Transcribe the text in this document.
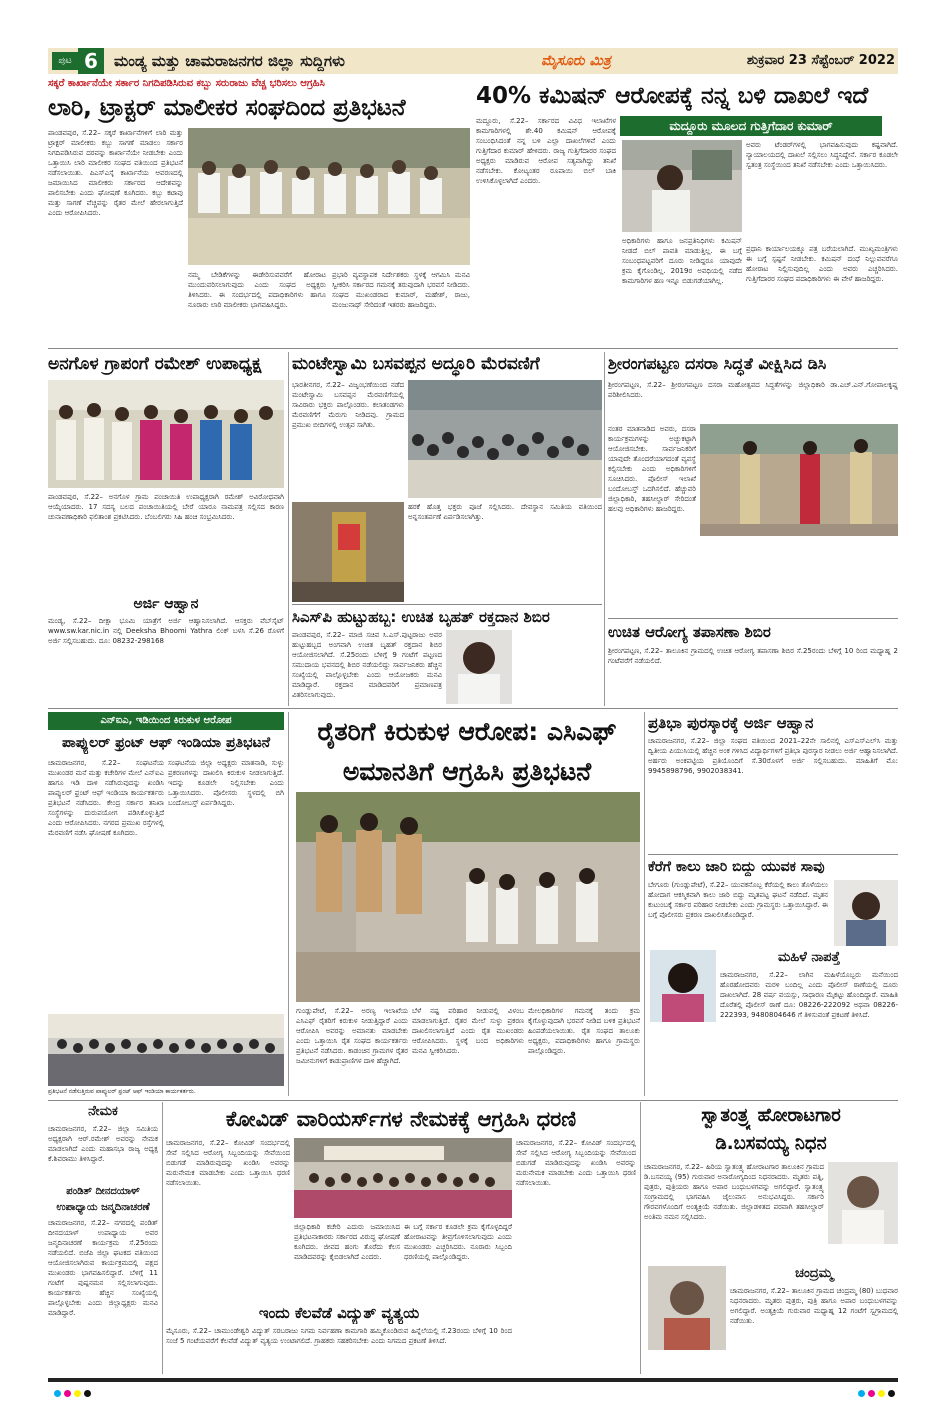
ಪುಟ 6	ಮಂಡ್ಯ ಮತ್ತು ಚಾಮರಾಜನಗರ ಜಿಲ್ಲಾ ಸುದ್ದಿಗಳು	ಮೈಸೂರು ಮಿತ್ರ	ಶುಕ್ರವಾರ 23 ಸೆಪ್ಟೆಂಬರ್ 2022
ಸಕ್ಕರೆ ಕಾರ್ಖಾನೆಯೇ ಸರ್ಕಾರ ನಿಗದಿಪಡಿಸಿರುವ ಕಬ್ಬು ಸರುರಾಜು ವೆಚ್ಚ ಭರಿಸಲು ಆಗ್ರಹಿಸಿ
ಲಾರಿ, ಟ್ರಾಕ್ಟರ್ ಮಾಲೀಕರ ಸಂಘದಿಂದ ಪ್ರತಿಭಟನೆ
ಪಾಂಡವಪುರ, ಸೆ.22– ಸಕ್ಕರೆ ಕಾರ್ಖಾನೆಗಳಿಗೆ ಲಾರಿ ಮತ್ತು ಟ್ರಾಕ್ಟರ್ ಮಾಲೀಕರು ಕಬ್ಬು ಸಾಗಣೆ ಮಾಡಲು ಸರ್ಕಾರ ನಿಗದಿಪಡಿಸಿರುವ ದರವನ್ನು ಕಾರ್ಖಾನೆಯೇ ನೀಡಬೇಕು ಎಂದು ಒತ್ತಾಯಿಸಿ ಲಾರಿ ಮಾಲೀಕರ ಸಂಘದ ವತಿಯಿಂದ ಪ್ರತಿಭಟನೆ ನಡೆಸಲಾಯಿತು. ಪಿಎಸ್ಎಸ್ಕೆ ಕಾರ್ಖಾನೆಯ ಆವರಣದಲ್ಲಿ ಜಮಾಯಿಸಿದ ಮಾಲೀಕರು ಸರ್ಕಾರದ ಆದೇಶವನ್ನು ಪಾಲಿಸಬೇಕು ಎಂದು ಘೋಷಣೆ ಕೂಗಿದರು. ಕಬ್ಬು ಕಟಾವು ಮತ್ತು ಸಾಗಣೆ ವೆಚ್ಚವನ್ನು ರೈತರ ಮೇಲೆ ಹೇರಲಾಗುತ್ತಿದೆ ಎಂದು ಆರೋಪಿಸಿದರು.
ನಮ್ಮ ಬೇಡಿಕೆಗಳನ್ನು ಈಡೇರಿಸುವವರೆಗೆ ಹೋರಾಟ ಮುಂದುವರಿಸಲಾಗುವುದು ಎಂದು ಸಂಘದ ಅಧ್ಯಕ್ಷರು ತಿಳಿಸಿದರು. ಈ ಸಂದರ್ಭದಲ್ಲಿ ಪದಾಧಿಕಾರಿಗಳು ಹಾಗೂ ನೂರಾರು ಲಾರಿ ಮಾಲೀಕರು ಭಾಗವಹಿಸಿದ್ದರು.
ಪ್ರಭಾರಿ ವ್ಯವಸ್ಥಾಪಕ ನಿರ್ದೇಶಕರು ಸ್ಥಳಕ್ಕೆ ಆಗಮಿಸಿ ಮನವಿ ಸ್ವೀಕರಿಸಿ ಸರ್ಕಾರದ ಗಮನಕ್ಕೆ ತರುವುದಾಗಿ ಭರವಸೆ ನೀಡಿದರು. ಸಂಘದ ಮುಖಂಡರಾದ ಕುಮಾರ್, ಮಹೇಶ್, ರಾಜು, ಮಂಜುನಾಥ್ ಸೇರಿದಂತೆ ಇತರರು ಹಾಜರಿದ್ದರು.
40% ಕಮಿಷನ್ ಆರೋಪಕ್ಕೆ ನನ್ನ ಬಳಿ ದಾಖಲೆ ಇದೆ
ಮದ್ದೂರು ಮೂಲದ ಗುತ್ತಿಗೆದಾರ ಕುಮಾರ್
ಮದ್ದೂರು, ಸೆ.22– ಸರ್ಕಾರದ ವಿವಿಧ ಇಲಾಖೆಗಳ ಕಾಮಗಾರಿಗಳಲ್ಲಿ ಶೇ.40 ಕಮಿಷನ್ ಆರೋಪಕ್ಕೆ ಸಂಬಂಧಿಸಿದಂತೆ ನನ್ನ ಬಳಿ ಎಲ್ಲಾ ದಾಖಲೆಗಳಿವೆ ಎಂದು ಗುತ್ತಿಗೆದಾರ ಕುಮಾರ್ ಹೇಳಿದರು. ರಾಜ್ಯ ಗುತ್ತಿಗೆದಾರರ ಸಂಘದ ಅಧ್ಯಕ್ಷರು ಮಾಡಿರುವ ಆರೋಪ ಸತ್ಯವಾಗಿದ್ದು ತನಿಖೆ ನಡೆಸಬೇಕು. ಕೋಟ್ಯಂತರ ರೂಪಾಯಿ ಬಿಲ್ ಬಾಕಿ ಉಳಿಸಿಕೊಳ್ಳಲಾಗಿದೆ ಎಂದರು.
ಅಧಿಕಾರಿಗಳು ಹಾಗೂ ಜನಪ್ರತಿನಿಧಿಗಳು ಕಮಿಷನ್ ನೀಡದೆ ಬಿಲ್ ಪಾವತಿ ಮಾಡುತ್ತಿಲ್ಲ. ಈ ಬಗ್ಗೆ ಸಂಬಂಧಪಟ್ಟವರಿಗೆ ದೂರು ನೀಡಿದ್ದರೂ ಯಾವುದೇ ಕ್ರಮ ಕೈಗೊಂಡಿಲ್ಲ. 2019ರ ಅವಧಿಯಲ್ಲಿ ನಡೆದ ಕಾಮಗಾರಿಗಳ ಹಣ ಇನ್ನೂ ಬಿಡುಗಡೆಯಾಗಿಲ್ಲ.
ಅವರು ಟೆಂಡರ್‌ಗಳಲ್ಲಿ ಭಾಗವಹಿಸುವುದು ಕಷ್ಟವಾಗಿದೆ. ನ್ಯಾಯಾಲಯದಲ್ಲಿ ದಾಖಲೆ ಸಲ್ಲಿಸಲು ಸಿದ್ಧನಿದ್ದೇನೆ. ಸರ್ಕಾರ ಕೂಡಲೇ ಸ್ವತಂತ್ರ ಸಂಸ್ಥೆಯಿಂದ ತನಿಖೆ ನಡೆಸಬೇಕು ಎಂದು ಒತ್ತಾಯಿಸಿದರು.
ಪ್ರಧಾನಿ ಕಾರ್ಯಾಲಯಕ್ಕೂ ಪತ್ರ ಬರೆಯಲಾಗಿದೆ. ಮುಖ್ಯಮಂತ್ರಿಗಳು ಈ ಬಗ್ಗೆ ಸ್ಪಷ್ಟನೆ ನೀಡಬೇಕು. ಕಮಿಷನ್ ದಂಧೆ ನಿಲ್ಲುವವರೆಗೂ ಹೋರಾಟ ನಿಲ್ಲಿಸುವುದಿಲ್ಲ ಎಂದು ಅವರು ಎಚ್ಚರಿಸಿದರು. ಗುತ್ತಿಗೆದಾರರ ಸಂಘದ ಪದಾಧಿಕಾರಿಗಳು ಈ ವೇಳೆ ಹಾಜರಿದ್ದರು.
ಅನಗೊಳ ಗ್ರಾಪಂಗೆ ರಮೇಶ್ ಉಪಾಧ್ಯಕ್ಷ
ಪಾಂಡವಪುರ, ಸೆ.22– ಅನಗೊಳ ಗ್ರಾಮ ಪಂಚಾಯಿತಿ ಉಪಾಧ್ಯಕ್ಷರಾಗಿ ರಮೇಶ್ ಅವಿರೋಧವಾಗಿ ಆಯ್ಕೆಯಾದರು. 17 ಸದಸ್ಯ ಬಲದ ಪಂಚಾಯಿತಿಯಲ್ಲಿ ಬೇರೆ ಯಾರೂ ನಾಮಪತ್ರ ಸಲ್ಲಿಸದ ಕಾರಣ ಚುನಾವಣಾಧಿಕಾರಿ ಫಲಿತಾಂಶ ಪ್ರಕಟಿಸಿದರು. ಬೆಂಬಲಿಗರು ಸಿಹಿ ಹಂಚಿ ಸಂಭ್ರಮಿಸಿದರು.
ಅರ್ಜಿ ಆಹ್ವಾನ
ಮಂಡ್ಯ, ಸೆ.22– ದೀಕ್ಷಾ ಭೂಮಿ ಯಾತ್ರೆಗೆ ಅರ್ಜಿ ಆಹ್ವಾನಿಸಲಾಗಿದೆ. ಆಸಕ್ತರು ವೆಬ್‌ಸೈಟ್ www.sw.kar.nic.in ನಲ್ಲಿ Deeksha Bhoomi Yathra ಲಿಂಕ್ ಬಳಸಿ ಸೆ.26 ರೊಳಗೆ ಅರ್ಜಿ ಸಲ್ಲಿಸಬಹುದು. ದೂ: 08232-298168
ಮಂಟೇಸ್ವಾಮಿ ಬಸವಪ್ಪನ ಅದ್ಧೂರಿ ಮೆರವಣಿಗೆ
ಭಾರತೀನಗರ, ಸೆ.22– ವಿಜೃಂಭಣೆಯಿಂದ ನಡೆದ ಮಂಟೇಸ್ವಾಮಿ ಬಸವಪ್ಪನ ಮೆರವಣಿಗೆಯಲ್ಲಿ ಸಾವಿರಾರು ಭಕ್ತರು ಪಾಲ್ಗೊಂಡರು. ಕಲಾತಂಡಗಳು ಮೆರವಣಿಗೆಗೆ ಮೆರುಗು ನೀಡಿದವು. ಗ್ರಾಮದ ಪ್ರಮುಖ ಬೀದಿಗಳಲ್ಲಿ ಉತ್ಸವ ಸಾಗಿತು.
ಹರಕೆ ಹೊತ್ತ ಭಕ್ತರು ಪೂಜೆ ಸಲ್ಲಿಸಿದರು. ದೇವಸ್ಥಾನ ಸಮಿತಿಯ ವತಿಯಿಂದ ಅನ್ನಸಂತರ್ಪಣೆ ಏರ್ಪಡಿಸಲಾಗಿತ್ತು.
ಶ್ರೀರಂಗಪಟ್ಟಣ ದಸರಾ ಸಿದ್ಧತೆ ವೀಕ್ಷಿಸಿದ ಡಿಸಿ
ಶ್ರೀರಂಗಪಟ್ಟಣ, ಸೆ.22– ಶ್ರೀರಂಗಪಟ್ಟಣ ದಸರಾ ಮಹೋತ್ಸವದ ಸಿದ್ಧತೆಗಳನ್ನು ಜಿಲ್ಲಾಧಿಕಾರಿ ಡಾ.ಎಚ್.ಎನ್.ಗೋಪಾಲಕೃಷ್ಣ ಪರಿಶೀಲಿಸಿದರು.
ನಂತರ ಮಾತನಾಡಿದ ಅವರು, ದಸರಾ ಕಾರ್ಯಕ್ರಮಗಳನ್ನು ಅಚ್ಚುಕಟ್ಟಾಗಿ ಆಯೋಜಿಸಬೇಕು. ಸಾರ್ವಜನಿಕರಿಗೆ ಯಾವುದೇ ತೊಂದರೆಯಾಗದಂತೆ ವ್ಯವಸ್ಥೆ ಕಲ್ಪಿಸಬೇಕು ಎಂದು ಅಧಿಕಾರಿಗಳಿಗೆ ಸೂಚಿಸಿದರು. ಪೊಲೀಸ್ ಇಲಾಖೆ ಬಂದೋಬಸ್ತ್ ಒದಗಿಸಲಿದೆ. ಹೆಚ್ಚುವರಿ ಜಿಲ್ಲಾಧಿಕಾರಿ, ತಹಸೀಲ್ದಾರ್ ಸೇರಿದಂತೆ ಹಲವು ಅಧಿಕಾರಿಗಳು ಹಾಜರಿದ್ದರು.
ಉಚಿತ ಆರೋಗ್ಯ ತಪಾಸಣಾ ಶಿಬಿರ
ಶ್ರೀರಂಗಪಟ್ಟಣ, ಸೆ.22– ತಾಲೂಕಿನ ಗ್ರಾಮದಲ್ಲಿ ಉಚಿತ ಆರೋಗ್ಯ ತಪಾಸಣಾ ಶಿಬಿರ ಸೆ.25ರಂದು ಬೆಳಿಗ್ಗೆ 10 ರಿಂದ ಮಧ್ಯಾಹ್ನ 2 ಗಂಟೆವರೆಗೆ ನಡೆಯಲಿದೆ.
ಸಿಎಸ್‌ಪಿ ಹುಟ್ಟುಹಬ್ಬ: ಉಚಿತ ಬೃಹತ್ ರಕ್ತದಾನ ಶಿಬಿರ
ಪಾಂಡವಪುರ, ಸೆ.22– ಮಾಜಿ ಸಚಿವ ಸಿ.ಎಸ್.ಪುಟ್ಟರಾಜು ಅವರ ಹುಟ್ಟುಹಬ್ಬದ ಅಂಗವಾಗಿ ಉಚಿತ ಬೃಹತ್ ರಕ್ತದಾನ ಶಿಬಿರ ಆಯೋಜಿಸಲಾಗಿದೆ. ಸೆ.25ರಂದು ಬೆಳಿಗ್ಗೆ 9 ಗಂಟೆಗೆ ಪಟ್ಟಣದ ಸಮುದಾಯ ಭವನದಲ್ಲಿ ಶಿಬಿರ ನಡೆಯಲಿದ್ದು ಸಾರ್ವಜನಿಕರು ಹೆಚ್ಚಿನ ಸಂಖ್ಯೆಯಲ್ಲಿ ಪಾಲ್ಗೊಳ್ಳಬೇಕು ಎಂದು ಆಯೋಜಕರು ಮನವಿ ಮಾಡಿದ್ದಾರೆ. ರಕ್ತದಾನ ಮಾಡಿದವರಿಗೆ ಪ್ರಮಾಣಪತ್ರ ವಿತರಿಸಲಾಗುವುದು.
ಎನ್‌ಐಎ, ಇಡಿಯಿಂದ ಕಿರುಕುಳ ಆರೋಪ
ಪಾಪ್ಯುಲರ್ ಫ್ರಂಟ್ ಆಫ್ ಇಂಡಿಯಾ ಪ್ರತಿಭಟನೆ
ಚಾಮರಾಜನಗರ, ಸೆ.22– ಸಂಘಟನೆಯ ಮುಖಂಡರ ಮನೆ ಮತ್ತು ಕಚೇರಿಗಳ ಮೇಲೆ ಎನ್‌ಐಎ ಹಾಗೂ ಇಡಿ ದಾಳಿ ನಡೆಸಿರುವುದನ್ನು ಖಂಡಿಸಿ ಪಾಪ್ಯುಲರ್ ಫ್ರಂಟ್ ಆಫ್ ಇಂಡಿಯಾ ಕಾರ್ಯಕರ್ತರು ಪ್ರತಿಭಟನೆ ನಡೆಸಿದರು. ಕೇಂದ್ರ ಸರ್ಕಾರ ತನಿಖಾ ಸಂಸ್ಥೆಗಳನ್ನು ದುರುಪಯೋಗ ಪಡಿಸಿಕೊಳ್ಳುತ್ತಿದೆ ಎಂದು ಆರೋಪಿಸಿದರು. ನಗರದ ಪ್ರಮುಖ ರಸ್ತೆಗಳಲ್ಲಿ ಮೆರವಣಿಗೆ ನಡೆಸಿ ಘೋಷಣೆ ಕೂಗಿದರು.
ಸಂಘಟನೆಯ ಜಿಲ್ಲಾ ಅಧ್ಯಕ್ಷರು ಮಾತನಾಡಿ, ಸುಳ್ಳು ಪ್ರಕರಣಗಳನ್ನು ದಾಖಲಿಸಿ ಕಿರುಕುಳ ನೀಡಲಾಗುತ್ತಿದೆ. ಇದನ್ನು ಕೂಡಲೇ ನಿಲ್ಲಿಸಬೇಕು ಎಂದು ಒತ್ತಾಯಿಸಿದರು. ಪೊಲೀಸರು ಸ್ಥಳದಲ್ಲಿ ಬಿಗಿ ಬಂದೋಬಸ್ತ್ ಏರ್ಪಡಿಸಿದ್ದರು.
ಪ್ರತಿಭಟನೆ ನಡೆಸುತ್ತಿರುವ ಪಾಪ್ಯುಲರ್ ಫ್ರಂಟ್ ಆಫ್ ಇಂಡಿಯಾ ಕಾರ್ಯಕರ್ತರು.
ರೈತರಿಗೆ ಕಿರುಕುಳ ಆರೋಪ: ಎಸಿಎಫ್
ಅಮಾನತಿಗೆ ಆಗ್ರಹಿಸಿ ಪ್ರತಿಭಟನೆ
ಗುಂಡ್ಲುಪೇಟೆ, ಸೆ.22– ಅರಣ್ಯ ಇಲಾಖೆಯ ಎಸಿಎಫ್ ರೈತರಿಗೆ ಕಿರುಕುಳ ನೀಡುತ್ತಿದ್ದಾರೆ ಎಂದು ಆರೋಪಿಸಿ ಅವರನ್ನು ಅಮಾನತು ಮಾಡಬೇಕು ಎಂದು ಒತ್ತಾಯಿಸಿ ರೈತ ಸಂಘದ ಕಾರ್ಯಕರ್ತರು ಪ್ರತಿಭಟನೆ ನಡೆಸಿದರು. ಕಾಡಂಚಿನ ಗ್ರಾಮಗಳ ರೈತರ ಜಮೀನುಗಳಿಗೆ ಕಾಡುಪ್ರಾಣಿಗಳ ದಾಳಿ ಹೆಚ್ಚಾಗಿದೆ.
ಬೆಳೆ ನಷ್ಟ ಪರಿಹಾರ ನೀಡುವಲ್ಲಿ ವಿಳಂಬ ಮಾಡಲಾಗುತ್ತಿದೆ. ರೈತರ ಮೇಲೆ ಸುಳ್ಳು ಪ್ರಕರಣ ದಾಖಲಿಸಲಾಗುತ್ತಿದೆ ಎಂದು ರೈತ ಮುಖಂಡರು ಆರೋಪಿಸಿದರು. ಸ್ಥಳಕ್ಕೆ ಬಂದ ಅಧಿಕಾರಿಗಳು ಮನವಿ ಸ್ವೀಕರಿಸಿದರು.
ಮೇಲಧಿಕಾರಿಗಳ ಗಮನಕ್ಕೆ ತಂದು ಕ್ರಮ ಕೈಗೊಳ್ಳುವುದಾಗಿ ಭರವಸೆ ನೀಡಿದ ಬಳಿಕ ಪ್ರತಿಭಟನೆ ಹಿಂಪಡೆಯಲಾಯಿತು. ರೈತ ಸಂಘದ ತಾಲೂಕು ಅಧ್ಯಕ್ಷರು, ಪದಾಧಿಕಾರಿಗಳು ಹಾಗೂ ಗ್ರಾಮಸ್ಥರು ಪಾಲ್ಗೊಂಡಿದ್ದರು.
ಪ್ರತಿಭಾ ಪುರಸ್ಕಾರಕ್ಕೆ ಅರ್ಜಿ ಆಹ್ವಾನ
ಚಾಮರಾಜನಗರ, ಸೆ.22– ಜಿಲ್ಲಾ ಸಂಘದ ವತಿಯಿಂದ 2021–22ನೇ ಸಾಲಿನಲ್ಲಿ ಎಸ್ಎಸ್ಎಲ್‌ಸಿ ಮತ್ತು ದ್ವಿತೀಯ ಪಿಯುಸಿಯಲ್ಲಿ ಹೆಚ್ಚಿನ ಅಂಕ ಗಳಿಸಿದ ವಿದ್ಯಾರ್ಥಿಗಳಿಗೆ ಪ್ರತಿಭಾ ಪುರಸ್ಕಾರ ನೀಡಲು ಅರ್ಜಿ ಆಹ್ವಾನಿಸಲಾಗಿದೆ. ಅರ್ಹರು ಅಂಕಪಟ್ಟಿಯ ಪ್ರತಿಯೊಂದಿಗೆ ಸೆ.30ರೊಳಗೆ ಅರ್ಜಿ ಸಲ್ಲಿಸಬಹುದು. ಮಾಹಿತಿಗೆ ಮೊ: 9945898796, 9902038341.
ಕೆರೆಗೆ ಕಾಲು ಜಾರಿ ಬಿದ್ದು ಯುವಕ ಸಾವು
ಬೇಗೂರು (ಗುಂಡ್ಲುಪೇಟೆ), ಸೆ.22– ಯುವಕನೊಬ್ಬ ಕೆರೆಯಲ್ಲಿ ಕಾಲು ತೊಳೆಯಲು ಹೋದಾಗ ಆಕಸ್ಮಿಕವಾಗಿ ಕಾಲು ಜಾರಿ ಬಿದ್ದು ಮೃತಪಟ್ಟ ಘಟನೆ ನಡೆದಿದೆ. ಮೃತನ ಕುಟುಂಬಕ್ಕೆ ಸರ್ಕಾರ ಪರಿಹಾರ ನೀಡಬೇಕು ಎಂದು ಗ್ರಾಮಸ್ಥರು ಒತ್ತಾಯಿಸಿದ್ದಾರೆ. ಈ ಬಗ್ಗೆ ಪೊಲೀಸರು ಪ್ರಕರಣ ದಾಖಲಿಸಿಕೊಂಡಿದ್ದಾರೆ.
ಮಹಿಳೆ ನಾಪತ್ತೆ
ಚಾಮರಾಜನಗರ, ಸೆ.22– ಲಾಗಿನ ಮಹಿಳೆಯೊಬ್ಬರು ಮನೆಯಿಂದ ಹೊರಹೋದವರು ಮರಳಿ ಬಂದಿಲ್ಲ ಎಂದು ಪೊಲೀಸ್ ಠಾಣೆಯಲ್ಲಿ ದೂರು ದಾಖಲಾಗಿದೆ. 28 ವರ್ಷ ವಯಸ್ಸು, ಸಾಧಾರಣ ಮೈಕಟ್ಟು ಹೊಂದಿದ್ದಾರೆ. ಮಾಹಿತಿ ದೊರೆತಲ್ಲಿ ಪೊಲೀಸ್ ಠಾಣೆ ದೂ: 08226-222092 ಅಥವಾ 08226-222393, 9480804646 ಗೆ ತಿಳಿಸುವಂತೆ ಪ್ರಕಟಣೆ ತಿಳಿಸಿದೆ.
ನೇಮಕ
ಚಾಮರಾಜನಗರ, ಸೆ.22– ಜಿಲ್ಲಾ ಸಮಿತಿಯ ಅಧ್ಯಕ್ಷರಾಗಿ ಆರ್.ರಮೇಶ್ ಅವರನ್ನು ನೇಮಕ ಮಾಡಲಾಗಿದೆ ಎಂದು ಮಹಾಸಭಾ ರಾಜ್ಯ ಅಧ್ಯಕ್ಷ ಕೆ.ಶಿವರಾಮು ತಿಳಿಸಿದ್ದಾರೆ.
ಪಂಡಿತ್ ದೀನದಯಾಳ್ ಉಪಾಧ್ಯಾಯ ಜನ್ಮದಿನಾಚರಣೆ
ಚಾಮರಾಜನಗರ, ಸೆ.22– ನಗರದಲ್ಲಿ ಪಂಡಿತ್ ದೀನದಯಾಳ್ ಉಪಾಧ್ಯಾಯ ಅವರ ಜನ್ಮದಿನಾಚರಣೆ ಕಾರ್ಯಕ್ರಮ ಸೆ.25ರಂದು ನಡೆಯಲಿದೆ. ಬಿಜೆಪಿ ಜಿಲ್ಲಾ ಘಟಕದ ವತಿಯಿಂದ ಆಯೋಜಿಸಲಾಗಿರುವ ಕಾರ್ಯಕ್ರಮದಲ್ಲಿ ಪಕ್ಷದ ಮುಖಂಡರು ಭಾಗವಹಿಸಲಿದ್ದಾರೆ. ಬೆಳಿಗ್ಗೆ 11 ಗಂಟೆಗೆ ಪುಷ್ಪನಮನ ಸಲ್ಲಿಸಲಾಗುವುದು. ಕಾರ್ಯಕರ್ತರು ಹೆಚ್ಚಿನ ಸಂಖ್ಯೆಯಲ್ಲಿ ಪಾಲ್ಗೊಳ್ಳಬೇಕು ಎಂದು ಜಿಲ್ಲಾಧ್ಯಕ್ಷರು ಮನವಿ ಮಾಡಿದ್ದಾರೆ.
ಕೋವಿಡ್ ವಾರಿಯರ್ಸ್‌ಗಳ ನೇಮಕಕ್ಕೆ ಆಗ್ರಹಿಸಿ ಧರಣಿ
ಚಾಮರಾಜನಗರ, ಸೆ.22– ಕೋವಿಡ್ ಸಂದರ್ಭದಲ್ಲಿ ಸೇವೆ ಸಲ್ಲಿಸಿದ ಆರೋಗ್ಯ ಸಿಬ್ಬಂದಿಯನ್ನು ಸೇವೆಯಿಂದ ಬಿಡುಗಡೆ ಮಾಡಿರುವುದನ್ನು ಖಂಡಿಸಿ ಅವರನ್ನು ಮರುನೇಮಕ ಮಾಡಬೇಕು ಎಂದು ಒತ್ತಾಯಿಸಿ ಧರಣಿ ನಡೆಸಲಾಯಿತು.
ಜಿಲ್ಲಾಧಿಕಾರಿ ಕಚೇರಿ ಎದುರು ಜಮಾಯಿಸಿದ ಪ್ರತಿಭಟನಾಕಾರರು ಸರ್ಕಾರದ ವಿರುದ್ಧ ಘೋಷಣೆ ಕೂಗಿದರು. ಜೀವದ ಹಂಗು ತೊರೆದು ಕೆಲಸ ಮಾಡಿದವರನ್ನು ಕೈಬಿಡಲಾಗಿದೆ ಎಂದರು.
ಈ ಬಗ್ಗೆ ಸರ್ಕಾರ ಕೂಡಲೇ ಕ್ರಮ ಕೈಗೊಳ್ಳದಿದ್ದರೆ ಹೋರಾಟವನ್ನು ತೀವ್ರಗೊಳಿಸಲಾಗುವುದು ಎಂದು ಮುಖಂಡರು ಎಚ್ಚರಿಸಿದರು. ನೂರಾರು ಸಿಬ್ಬಂದಿ ಧರಣಿಯಲ್ಲಿ ಪಾಲ್ಗೊಂಡಿದ್ದರು.
ಇಂದು ಕೆಲವೆಡೆ ವಿದ್ಯುತ್ ವ್ಯತ್ಯಯ
ಮೈಸೂರು, ಸೆ.22– ಚಾಮುಂಡೇಶ್ವರಿ ವಿದ್ಯುತ್ ಸರಬರಾಜು ನಿಗಮ ನಿರ್ವಹಣಾ ಕಾಮಗಾರಿ ಹಮ್ಮಿಕೊಂಡಿರುವ ಹಿನ್ನೆಲೆಯಲ್ಲಿ ಸೆ.23ರಂದು ಬೆಳಿಗ್ಗೆ 10 ರಿಂದ ಸಂಜೆ 5 ಗಂಟೆಯವರೆಗೆ ಕೆಲವೆಡೆ ವಿದ್ಯುತ್ ವ್ಯತ್ಯಯ ಉಂಟಾಗಲಿದೆ. ಗ್ರಾಹಕರು ಸಹಕರಿಸಬೇಕು ಎಂದು ನಿಗಮದ ಪ್ರಕಟಣೆ ತಿಳಿಸಿದೆ.
ಚಾಮರಾಜನಗರ, ಸೆ.22– ಕೋವಿಡ್ ಸಂದರ್ಭದಲ್ಲಿ ಸೇವೆ ಸಲ್ಲಿಸಿದ ಆರೋಗ್ಯ ಸಿಬ್ಬಂದಿಯನ್ನು ಸೇವೆಯಿಂದ ಬಿಡುಗಡೆ ಮಾಡಿರುವುದನ್ನು ಖಂಡಿಸಿ ಅವರನ್ನು ಮರುನೇಮಕ ಮಾಡಬೇಕು ಎಂದು ಒತ್ತಾಯಿಸಿ ಧರಣಿ ನಡೆಸಲಾಯಿತು.
ಸ್ವಾತಂತ್ರ್ಯ ಹೋರಾಟಗಾರ
ಡಿ.ಬಸವಯ್ಯ ನಿಧನ
ಚಾಮರಾಜನಗರ, ಸೆ.22– ಹಿರಿಯ ಸ್ವಾತಂತ್ರ್ಯ ಹೋರಾಟಗಾರ ತಾಲೂಕಿನ ಗ್ರಾಮದ ಡಿ.ಬಸವಯ್ಯ (95) ಗುರುವಾರ ಅನಾರೋಗ್ಯದಿಂದ ನಿಧನರಾದರು. ಮೃತರು ಪತ್ನಿ, ಪುತ್ರರು, ಪುತ್ರಿಯರು ಹಾಗೂ ಅಪಾರ ಬಂಧುಬಳಗವನ್ನು ಅಗಲಿದ್ದಾರೆ. ಸ್ವಾತಂತ್ರ್ಯ ಸಂಗ್ರಾಮದಲ್ಲಿ ಭಾಗವಹಿಸಿ ಜೈಲುವಾಸ ಅನುಭವಿಸಿದ್ದರು. ಸರ್ಕಾರಿ ಗೌರವಗಳೊಂದಿಗೆ ಅಂತ್ಯಕ್ರಿಯೆ ನಡೆಯಿತು. ಜಿಲ್ಲಾಡಳಿತದ ಪರವಾಗಿ ತಹಸೀಲ್ದಾರ್ ಅಂತಿಮ ನಮನ ಸಲ್ಲಿಸಿದರು.
ಚಂದ್ರಮ್ಮ
ಚಾಮರಾಜನಗರ, ಸೆ.22– ತಾಲೂಕಿನ ಗ್ರಾಮದ ಚಂದ್ರಮ್ಮ (80) ಬುಧವಾರ ನಿಧನರಾದರು. ಮೃತರು ಪುತ್ರರು, ಪುತ್ರಿ ಹಾಗೂ ಅಪಾರ ಬಂಧುಬಳಗವನ್ನು ಅಗಲಿದ್ದಾರೆ. ಅಂತ್ಯಕ್ರಿಯೆ ಗುರುವಾರ ಮಧ್ಯಾಹ್ನ 12 ಗಂಟೆಗೆ ಸ್ವಗ್ರಾಮದಲ್ಲಿ ನಡೆಯಿತು.
